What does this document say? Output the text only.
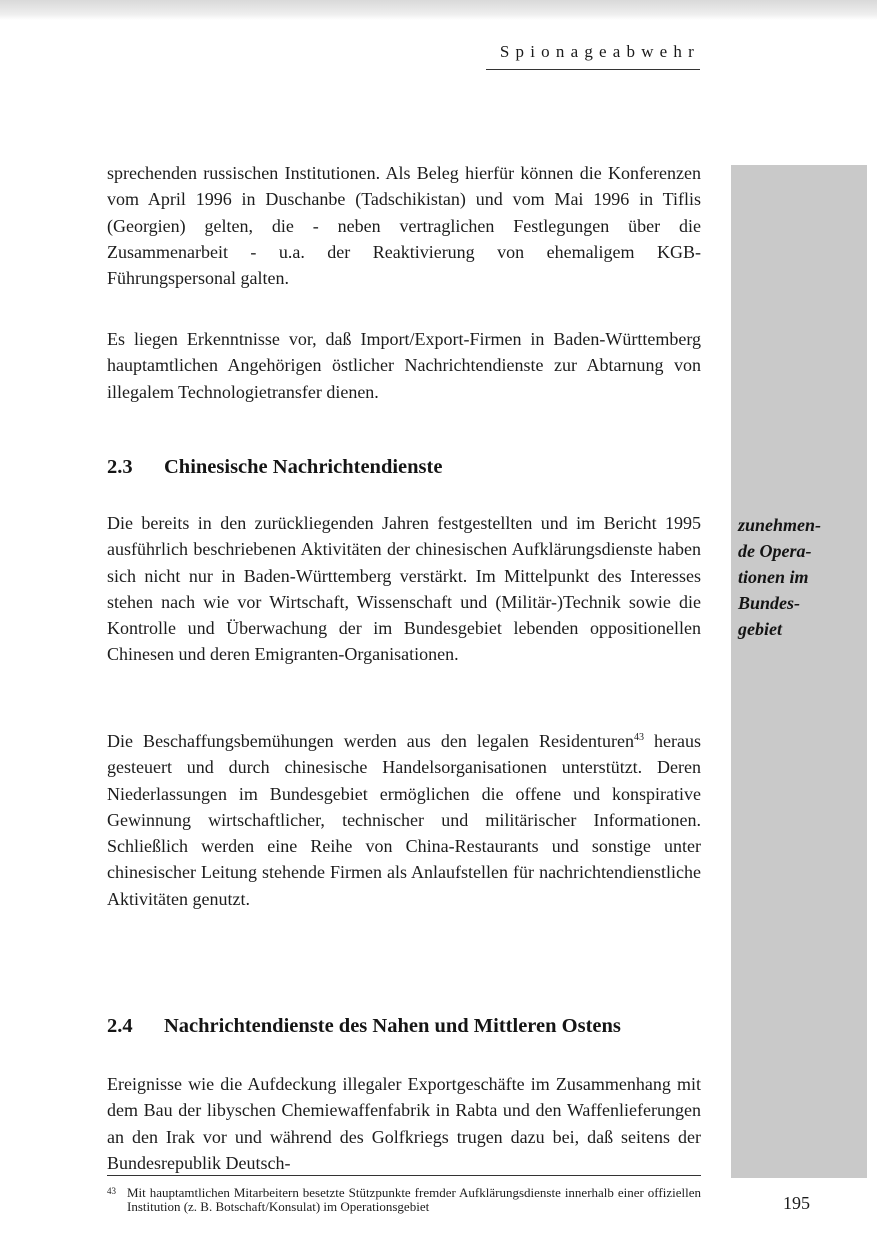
Spionageabwehr
zunehmen-
de Opera-
tionen im
Bundes-
gebiet

sprechenden russischen Institutionen. Als Beleg hierfür können die Konferenzen vom April 1996 in Duschanbe (Tadschikistan) und vom Mai 1996 in Tiflis (Georgien) gelten, die - neben vertraglichen Festlegungen über die Zusammenarbeit - u.a. der Reaktivierung von ehemaligem KGB-Führungspersonal galten.

Es liegen Erkenntnisse vor, daß Import/Export-Firmen in Baden-Württemberg hauptamtlichen Angehörigen östlicher Nachrichtendienste zur Abtarnung von illegalem Technologietransfer dienen.

2.3 Chinesische Nachrichtendienste

Die bereits in den zurückliegenden Jahren festgestellten und im Bericht 1995 ausführlich beschriebenen Aktivitäten der chinesischen Aufklärungsdienste haben sich nicht nur in Baden-Württemberg verstärkt. Im Mittelpunkt des Interesses stehen nach wie vor Wirtschaft, Wissenschaft und (Militär-)Technik sowie die Kontrolle und Überwachung der im Bundesgebiet lebenden oppositionellen Chinesen und deren Emigranten-Organisationen.

Die Beschaffungsbemühungen werden aus den legalen Residenturen$^{43}$ heraus gesteuert und durch chinesische Handelsorganisationen unterstützt. Deren Niederlassungen im Bundesgebiet ermöglichen die offene und konspirative Gewinnung wirtschaftlicher, technischer und militärischer Informationen. Schließlich werden eine Reihe von China-Restaurants und sonstige unter chinesischer Leitung stehende Firmen als Anlaufstellen für nachrichtendienstliche Aktivitäten genutzt.

2.4 Nachrichtendienste des Nahen und Mittleren Ostens

Ereignisse wie die Aufdeckung illegaler Exportgeschäfte im Zusammenhang mit dem Bau der libyschen Chemiewaffenfabrik in Rabta und den Waffenlieferungen an den Irak vor und während des Golfkriegs trugen dazu bei, daß seitens der Bundesrepublik Deutsch-

43 Mit hauptamtlichen Mitarbeitern besetzte Stützpunkte fremder Aufklärungsdienste innerhalb einer offiziellen Institution (z. B. Botschaft/Konsulat) im Operationsgebiet	195
